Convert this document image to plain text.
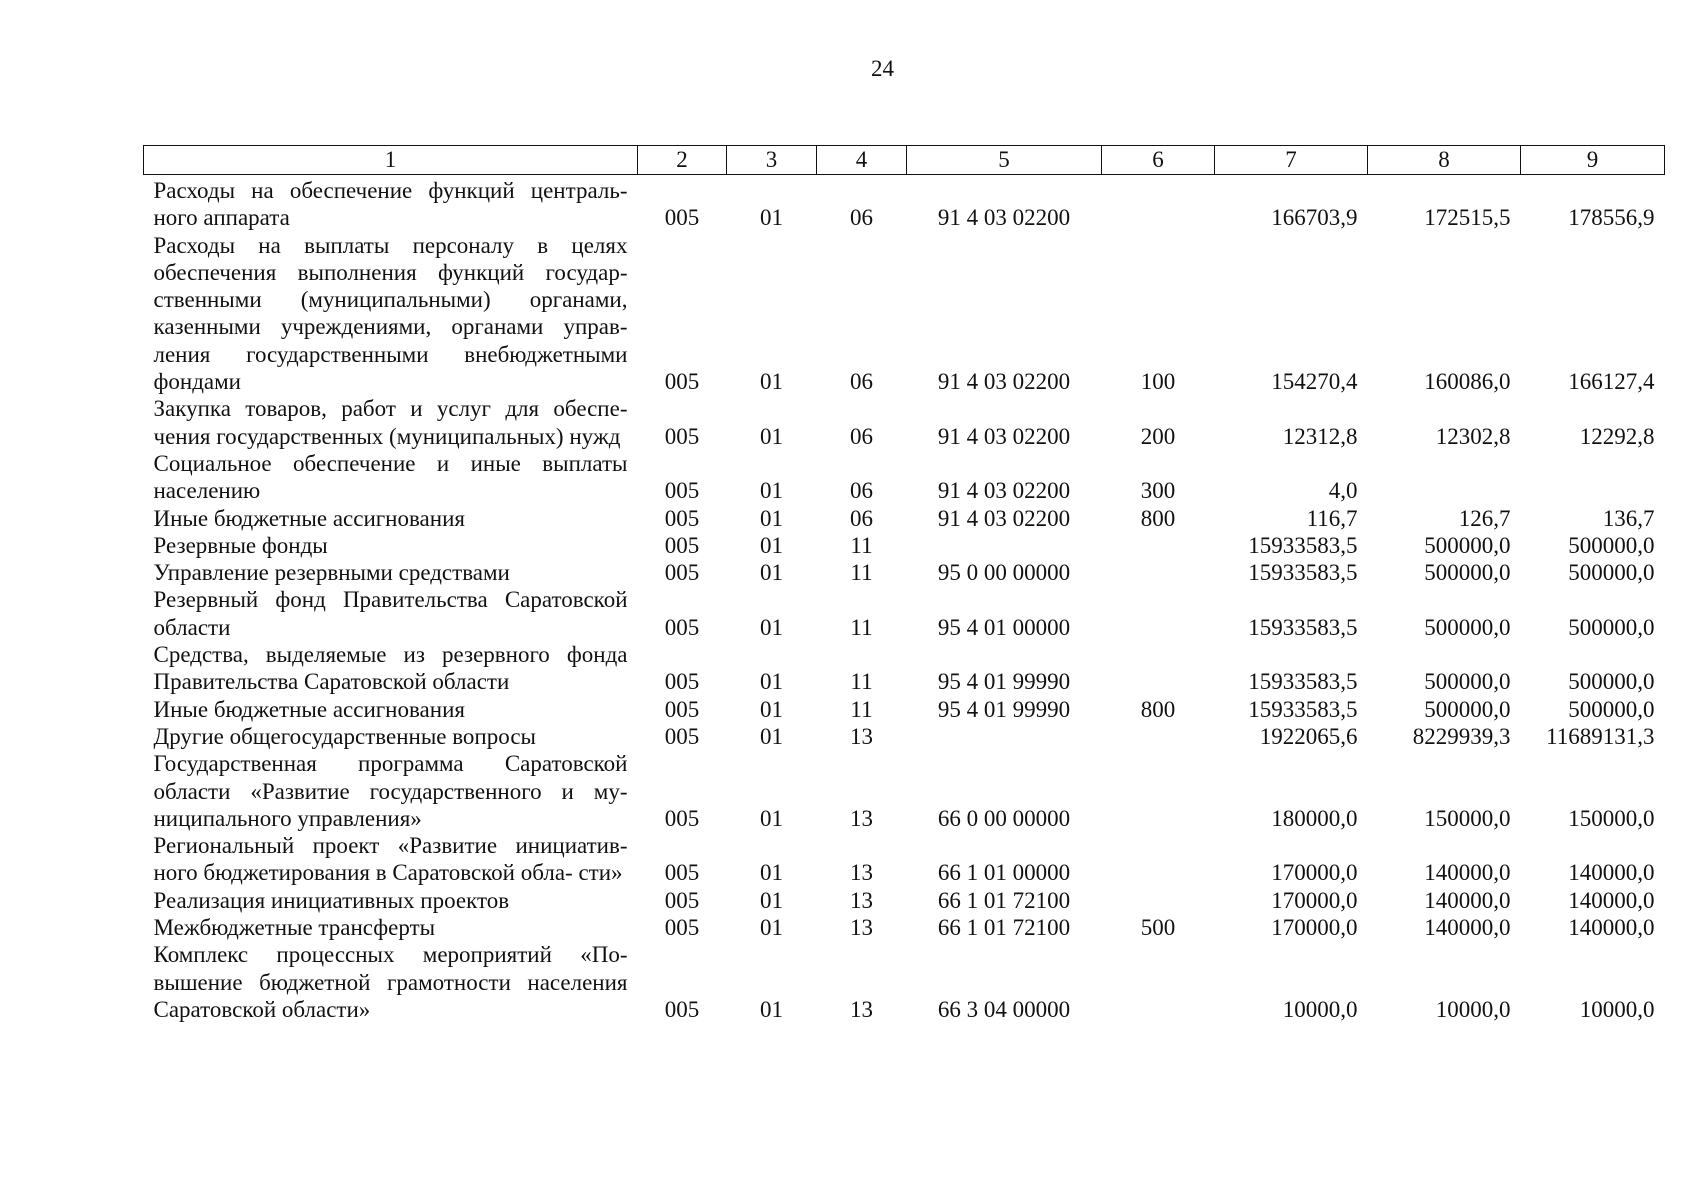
24
1	2	3	4	5	6	7	8	9
Расходы на обеспечение функций централь- ного аппарата	005	01	06	91 4 03 02200		166703,9	172515,5	178556,9
Расходы на выплаты персоналу в целях обеспечения выполнения функций государ- ственными (муниципальными) органами, казенными учреждениями, органами управ- ления государственными внебюджетными фондами	005	01	06	91 4 03 02200	100	154270,4	160086,0	166127,4
Закупка товаров, работ и услуг для обеспе- чения государственных (муниципальных) нужд	005	01	06	91 4 03 02200	200	12312,8	12302,8	12292,8
Социальное обеспечение и иные выплаты населению	005	01	06	91 4 03 02200	300	4,0		
Иные бюджетные ассигнования	005	01	06	91 4 03 02200	800	116,7	126,7	136,7
Резервные фонды	005	01	11			15933583,5	500000,0	500000,0
Управление резервными средствами	005	01	11	95 0 00 00000		15933583,5	500000,0	500000,0
Резервный фонд Правительства Саратовской области	005	01	11	95 4 01 00000		15933583,5	500000,0	500000,0
Средства, выделяемые из резервного фонда Правительства Саратовской области	005	01	11	95 4 01 99990		15933583,5	500000,0	500000,0
Иные бюджетные ассигнования	005	01	11	95 4 01 99990	800	15933583,5	500000,0	500000,0
Другие общегосударственные вопросы	005	01	13			1922065,6	8229939,3	11689131,3
Государственная программа Саратовской области «Развитие государственного и му- ниципального управления»	005	01	13	66 0 00 00000		180000,0	150000,0	150000,0
Региональный проект «Развитие инициатив- ного бюджетирования в Саратовской обла- сти»	005	01	13	66 1 01 00000		170000,0	140000,0	140000,0
Реализация инициативных проектов	005	01	13	66 1 01 72100		170000,0	140000,0	140000,0
Межбюджетные трансферты	005	01	13	66 1 01 72100	500	170000,0	140000,0	140000,0
Комплекс процессных мероприятий «По- вышение бюджетной грамотности населения Саратовской области»	005	01	13	66 3 04 00000		10000,0	10000,0	10000,0
